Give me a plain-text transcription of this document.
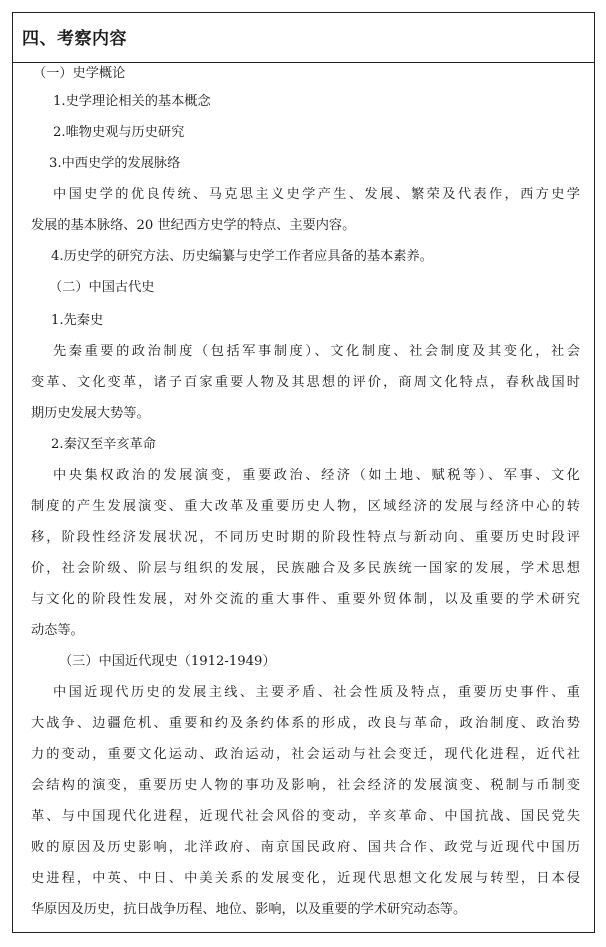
四、考察内容
（一）史学概论
1.史学理论相关的基本概念
2.唯物史观与历史研究
3.中西史学的发展脉络
中国史学的优良传统、马克思主义史学产生、发展、繁荣及代表作，西方史学
发展的基本脉络、20 世纪西方史学的特点、主要内容。
4.历史学的研究方法、历史编纂与史学工作者应具备的基本素养。
（二）中国古代史
1.先秦史
先秦重要的政治制度（包括军事制度）、文化制度、社会制度及其变化，社会
变革、文化变革，诸子百家重要人物及其思想的评价，商周文化特点，春秋战国时
期历史发展大势等。
2.秦汉至辛亥革命
中央集权政治的发展演变，重要政治、经济（如土地、赋税等）、军事、文化
制度的产生发展演变、重大改革及重要历史人物，区域经济的发展与经济中心的转
移，阶段性经济发展状况，不同历史时期的阶段性特点与新动向、重要历史时段评
价，社会阶级、阶层与组织的发展，民族融合及多民族统一国家的发展，学术思想
与文化的阶段性发展，对外交流的重大事件、重要外贸体制，以及重要的学术研究
动态等。
（三）中国近代现史（1912-1949）
中国近现代历史的发展主线、主要矛盾、社会性质及特点，重要历史事件、重
大战争、边疆危机、重要和约及条约体系的形成，改良与革命，政治制度、政治势
力的变动，重要文化运动、政治运动，社会运动与社会变迁，现代化进程，近代社
会结构的演变，重要历史人物的事功及影响，社会经济的发展演变、税制与币制变
革、与中国现代化进程，近现代社会风俗的变动，辛亥革命、中国抗战、国民党失
败的原因及历史影响，北洋政府、南京国民政府、国共合作、政党与近现代中国历
史进程，中英、中日、中美关系的发展变化，近现代思想文化发展与转型，日本侵
华原因及历史，抗日战争历程、地位、影响，以及重要的学术研究动态等。
